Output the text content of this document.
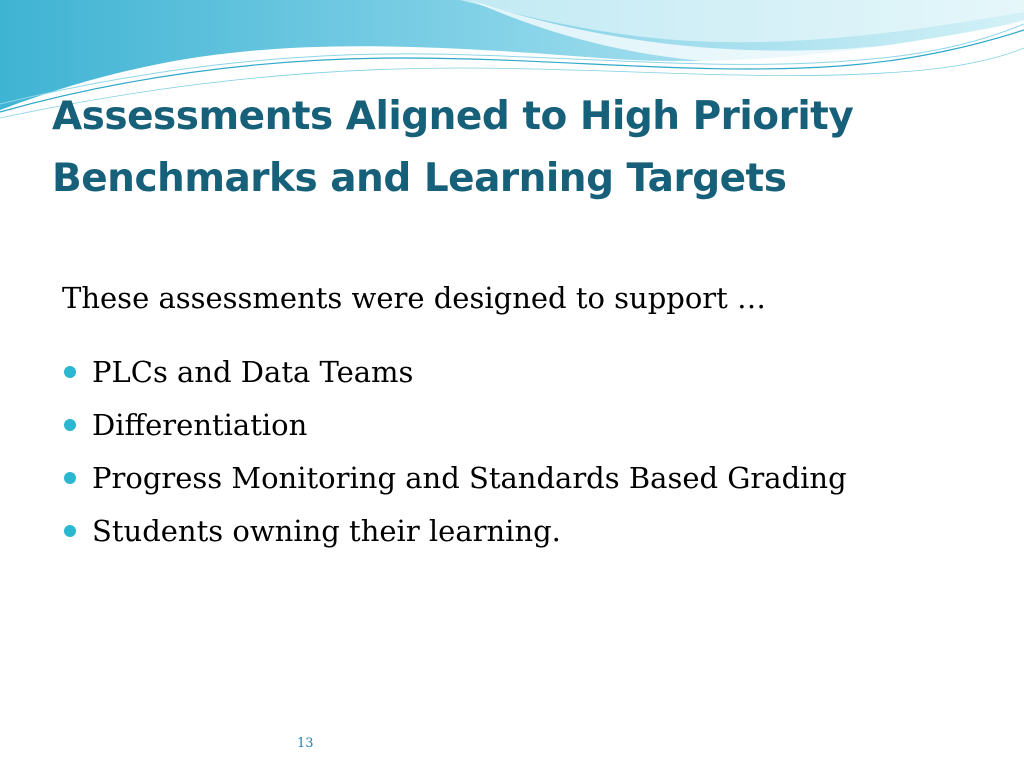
Assessments Aligned to High Priority
Benchmarks and Learning Targets

These assessments were designed to support …

PLCs and Data Teams
Differentiation
Progress Monitoring and Standards Based Grading
Students owning their learning.
13
